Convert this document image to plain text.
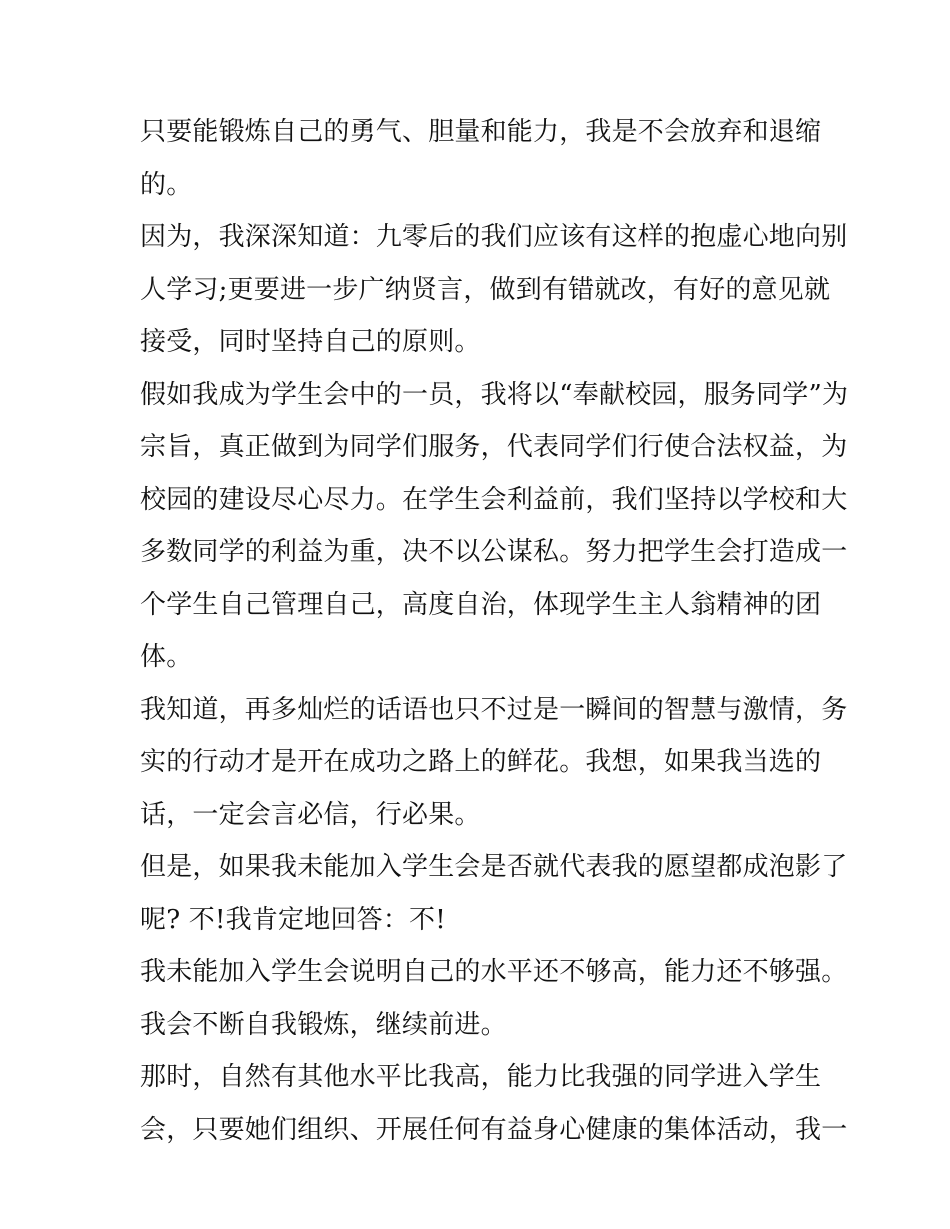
只要能锻炼自己的勇气、胆量和能力，我是不会放弃和退缩
的。
因为，我深深知道：九零后的我们应该有这样的抱虚心地向别
人学习;更要进一步广纳贤言，做到有错就改，有好的意见就
接受，同时坚持自己的原则。
假如我成为学生会中的一员，我将以“奉献校园，服务同学”为
宗旨，真正做到为同学们服务，代表同学们行使合法权益，为
校园的建设尽心尽力。在学生会利益前，我们坚持以学校和大
多数同学的利益为重，决不以公谋私。努力把学生会打造成一
个学生自己管理自己，高度自治，体现学生主人翁精神的团
体。
我知道，再多灿烂的话语也只不过是一瞬间的智慧与激情，务
实的行动才是开在成功之路上的鲜花。我想，如果我当选的
话，一定会言必信，行必果。
但是，如果我未能加入学生会是否就代表我的愿望都成泡影了
呢? 不!我肯定地回答：不!
我未能加入学生会说明自己的水平还不够高，能力还不够强。
我会不断自我锻炼，继续前进。
那时，自然有其他水平比我高，能力比我强的同学进入学生
会，只要她们组织、开展任何有益身心健康的集体活动，我一
